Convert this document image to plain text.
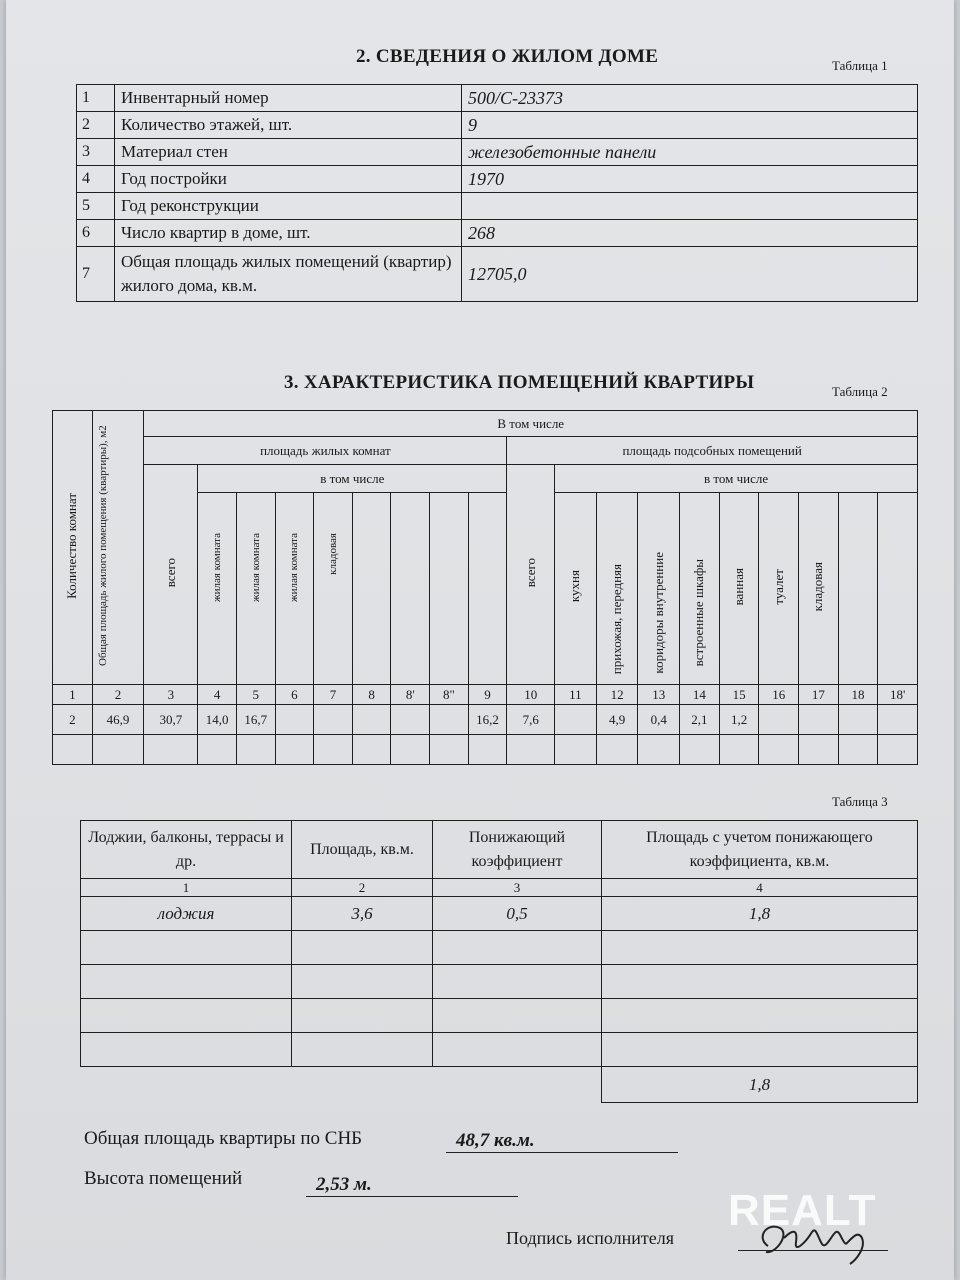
2. СВЕДЕНИЯ О ЖИЛОМ ДОМЕ	Таблица 1
1	Инвентарный номер	500/С-23373
2	Количество этажей, шт.	9
3	Материал стен	железобетонные панели
4	Год постройки	1970
5	Год реконструкции	
6	Число квартир в доме, шт.	268
7	Общая площадь жилых помещений (квартир) жилого дома, кв.м.	12705,0
3. ХАРАКТЕРИСТИКА ПОМЕЩЕНИЙ КВАРТИРЫ	Таблица 2
Количество комнат	Общая площадь жилого помещения (квартиры), м2	В том числе																		
		площадь жилых комнат									площадь подсобных помещений									
		всего	в том числе								всего	в том числе								
			жилая комната	жилая комната	жилая комната	кладовая						кухня	прихожая, передняя	коридоры внутренние	встроенные шкафы	ванная	туалет	кладовая		
1	2	3	4	5	6	7	8	8'	8"	9	10	11	12	13	14	15	16	17	18	18'
2	46,9	30,7	14,0	16,7						16,2	7,6		4,9	0,4	2,1	1,2				

Таблица 3
Лоджии, балконы, террасы и др.	Площадь, кв.м.	Понижающий коэффициент	Площадь с учетом понижающего коэффициента, кв.м.
1	2	3	4
лоджия	3,6	0,5	1,8

			1,8
Общая площадь квартиры по СНБ	48,7 кв.м.
Высота помещений	2,53 м.
Подпись исполнителя
REALT
